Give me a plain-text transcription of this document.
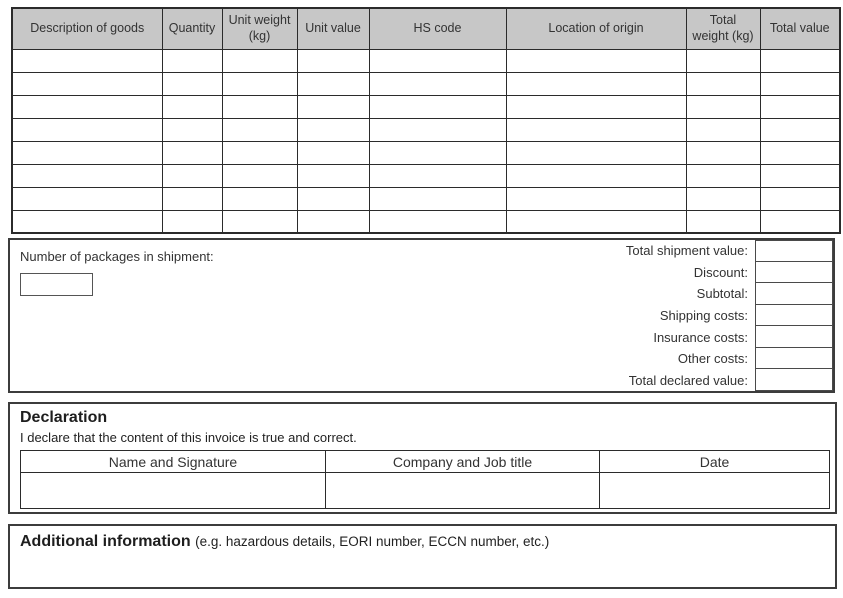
Description of goods	Quantity	Unit weight (kg)	Unit value	HS code	Location of origin	Total weight (kg)	Total value

Number of packages in shipment:	Total shipment value:
Discount:
Subtotal:
Shipping costs:
Insurance costs:
Other costs:
Total declared value:
Declaration
I declare that the content of this invoice is true and correct.
Name and Signature	Company and Job title	Date

Additional information (e.g. hazardous details, EORI number, ECCN number, etc.)
